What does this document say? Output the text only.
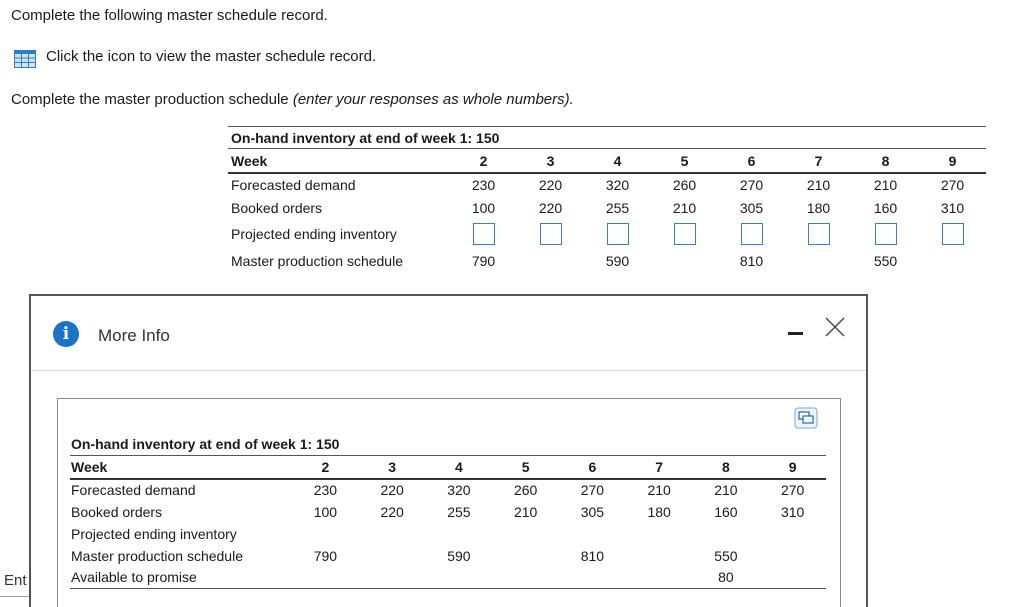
Complete the following master schedule record.
Click the icon to view the master schedule record.
Complete the master production schedule (enter your responses as whole numbers).
On-hand inventory at end of week 1: 150
Week	2	3	4	5	6	7	8	9
Forecasted demand	230	220	320	260	270	210	210	270
Booked orders	100	220	255	210	305	180	160	310
Projected ending inventory								
Master production schedule	790		590		810		550	
Ent
i	More Info
On-hand inventory at end of week 1: 150
Week	2	3	4	5	6	7	8	9
Forecasted demand	230	220	320	260	270	210	210	270
Booked orders	100	220	255	210	305	180	160	310
Projected ending inventory								
Master production schedule	790		590		810		550	
Available to promise							80	
